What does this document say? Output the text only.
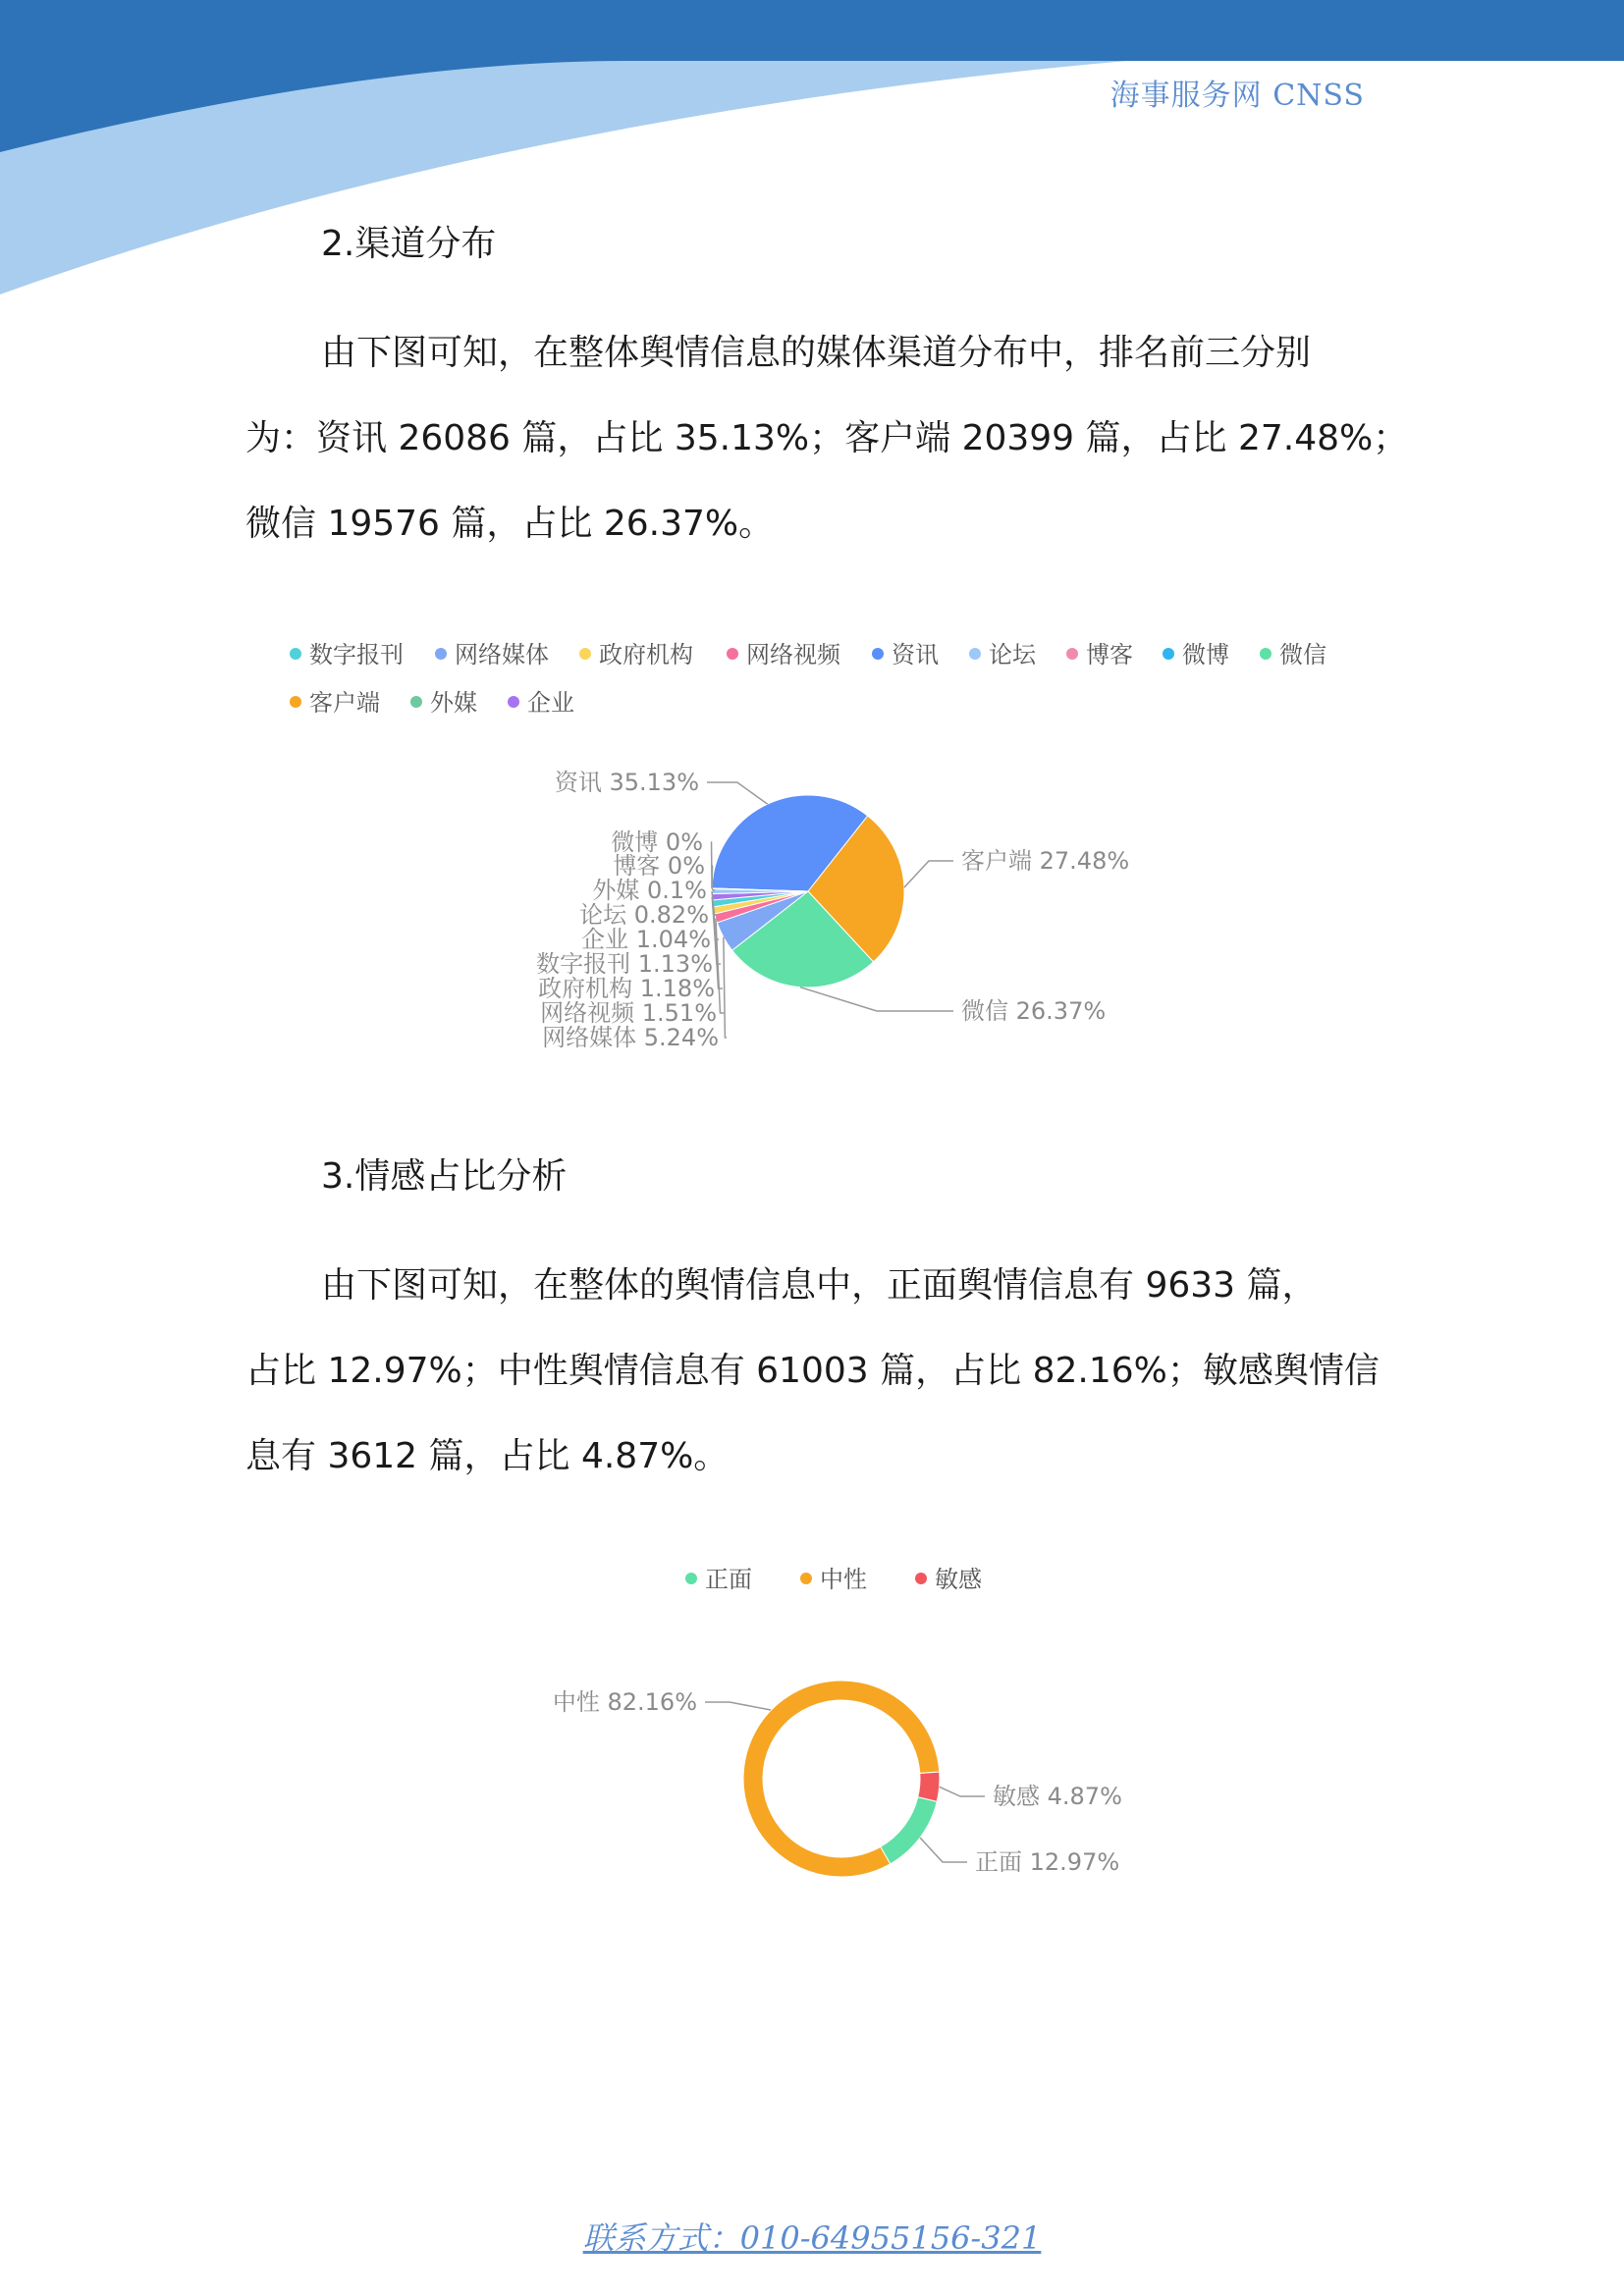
海事服务网 CNSS
2.渠道分布
由下图可知，在整体舆情信息的媒体渠道分布中，排名前三分别
为：资讯 26086 篇，占比 35.13%；客户端 20399 篇，占比 27.48%；
微信 19576 篇，占比 26.37%。
数字报刊	网络媒体	政府机构	网络视频	资讯	论坛	博客	微博	微信
客户端	外媒	企业
资讯 35.13%
客户端 27.48%
微信 26.37%
网络媒体 5.24%
网络视频 1.51%
政府机构 1.18%
数字报刊 1.13%
企业 1.04%
论坛 0.82%
外媒 0.1%
博客 0%
微博 0%
3.情感占比分析
由下图可知，在整体的舆情信息中，正面舆情信息有 9633 篇，
占比 12.97%；中性舆情信息有 61003 篇，占比 82.16%；敏感舆情信
息有 3612 篇，占比 4.87%。
正面	中性	敏感
敏感 4.87%
正面 12.97%
中性 82.16%
联系方式：010-64955156-321
